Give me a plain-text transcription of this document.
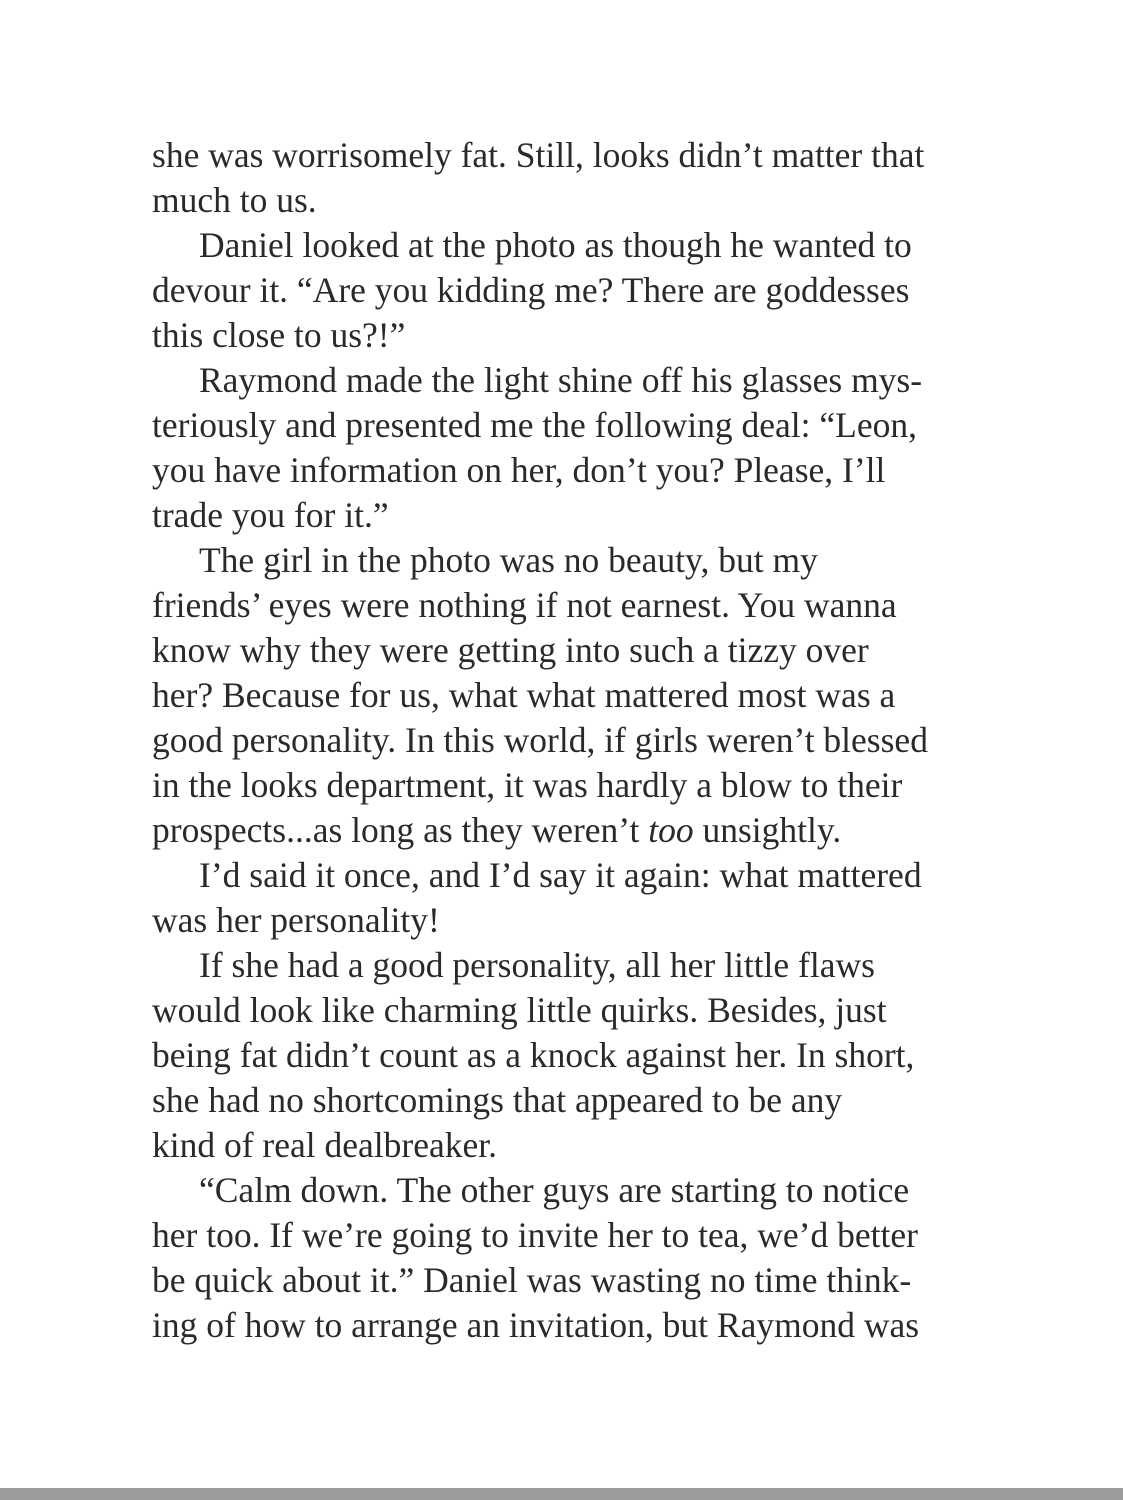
she was worrisomely fat. Still, looks didn’t matter that
much to us.
Daniel looked at the photo as though he wanted to
devour it. “Are you kidding me? There are goddesses
this close to us?!”
Raymond made the light shine off his glasses mys-
teriously and presented me the following deal: “Leon,
you have information on her, don’t you? Please, I’ll
trade you for it.”
The girl in the photo was no beauty, but my
friends’ eyes were nothing if not earnest. You wanna
know why they were getting into such a tizzy over
her? Because for us, what what mattered most was a
good personality. In this world, if girls weren’t blessed
in the looks department, it was hardly a blow to their
prospects...as long as they weren’t too unsightly.
I’d said it once, and I’d say it again: what mattered
was her personality!
If she had a good personality, all her little flaws
would look like charming little quirks. Besides, just
being fat didn’t count as a knock against her. In short,
she had no shortcomings that appeared to be any
kind of real dealbreaker.
“Calm down. The other guys are starting to notice
her too. If we’re going to invite her to tea, we’d better
be quick about it.” Daniel was wasting no time think-
ing of how to arrange an invitation, but Raymond was
